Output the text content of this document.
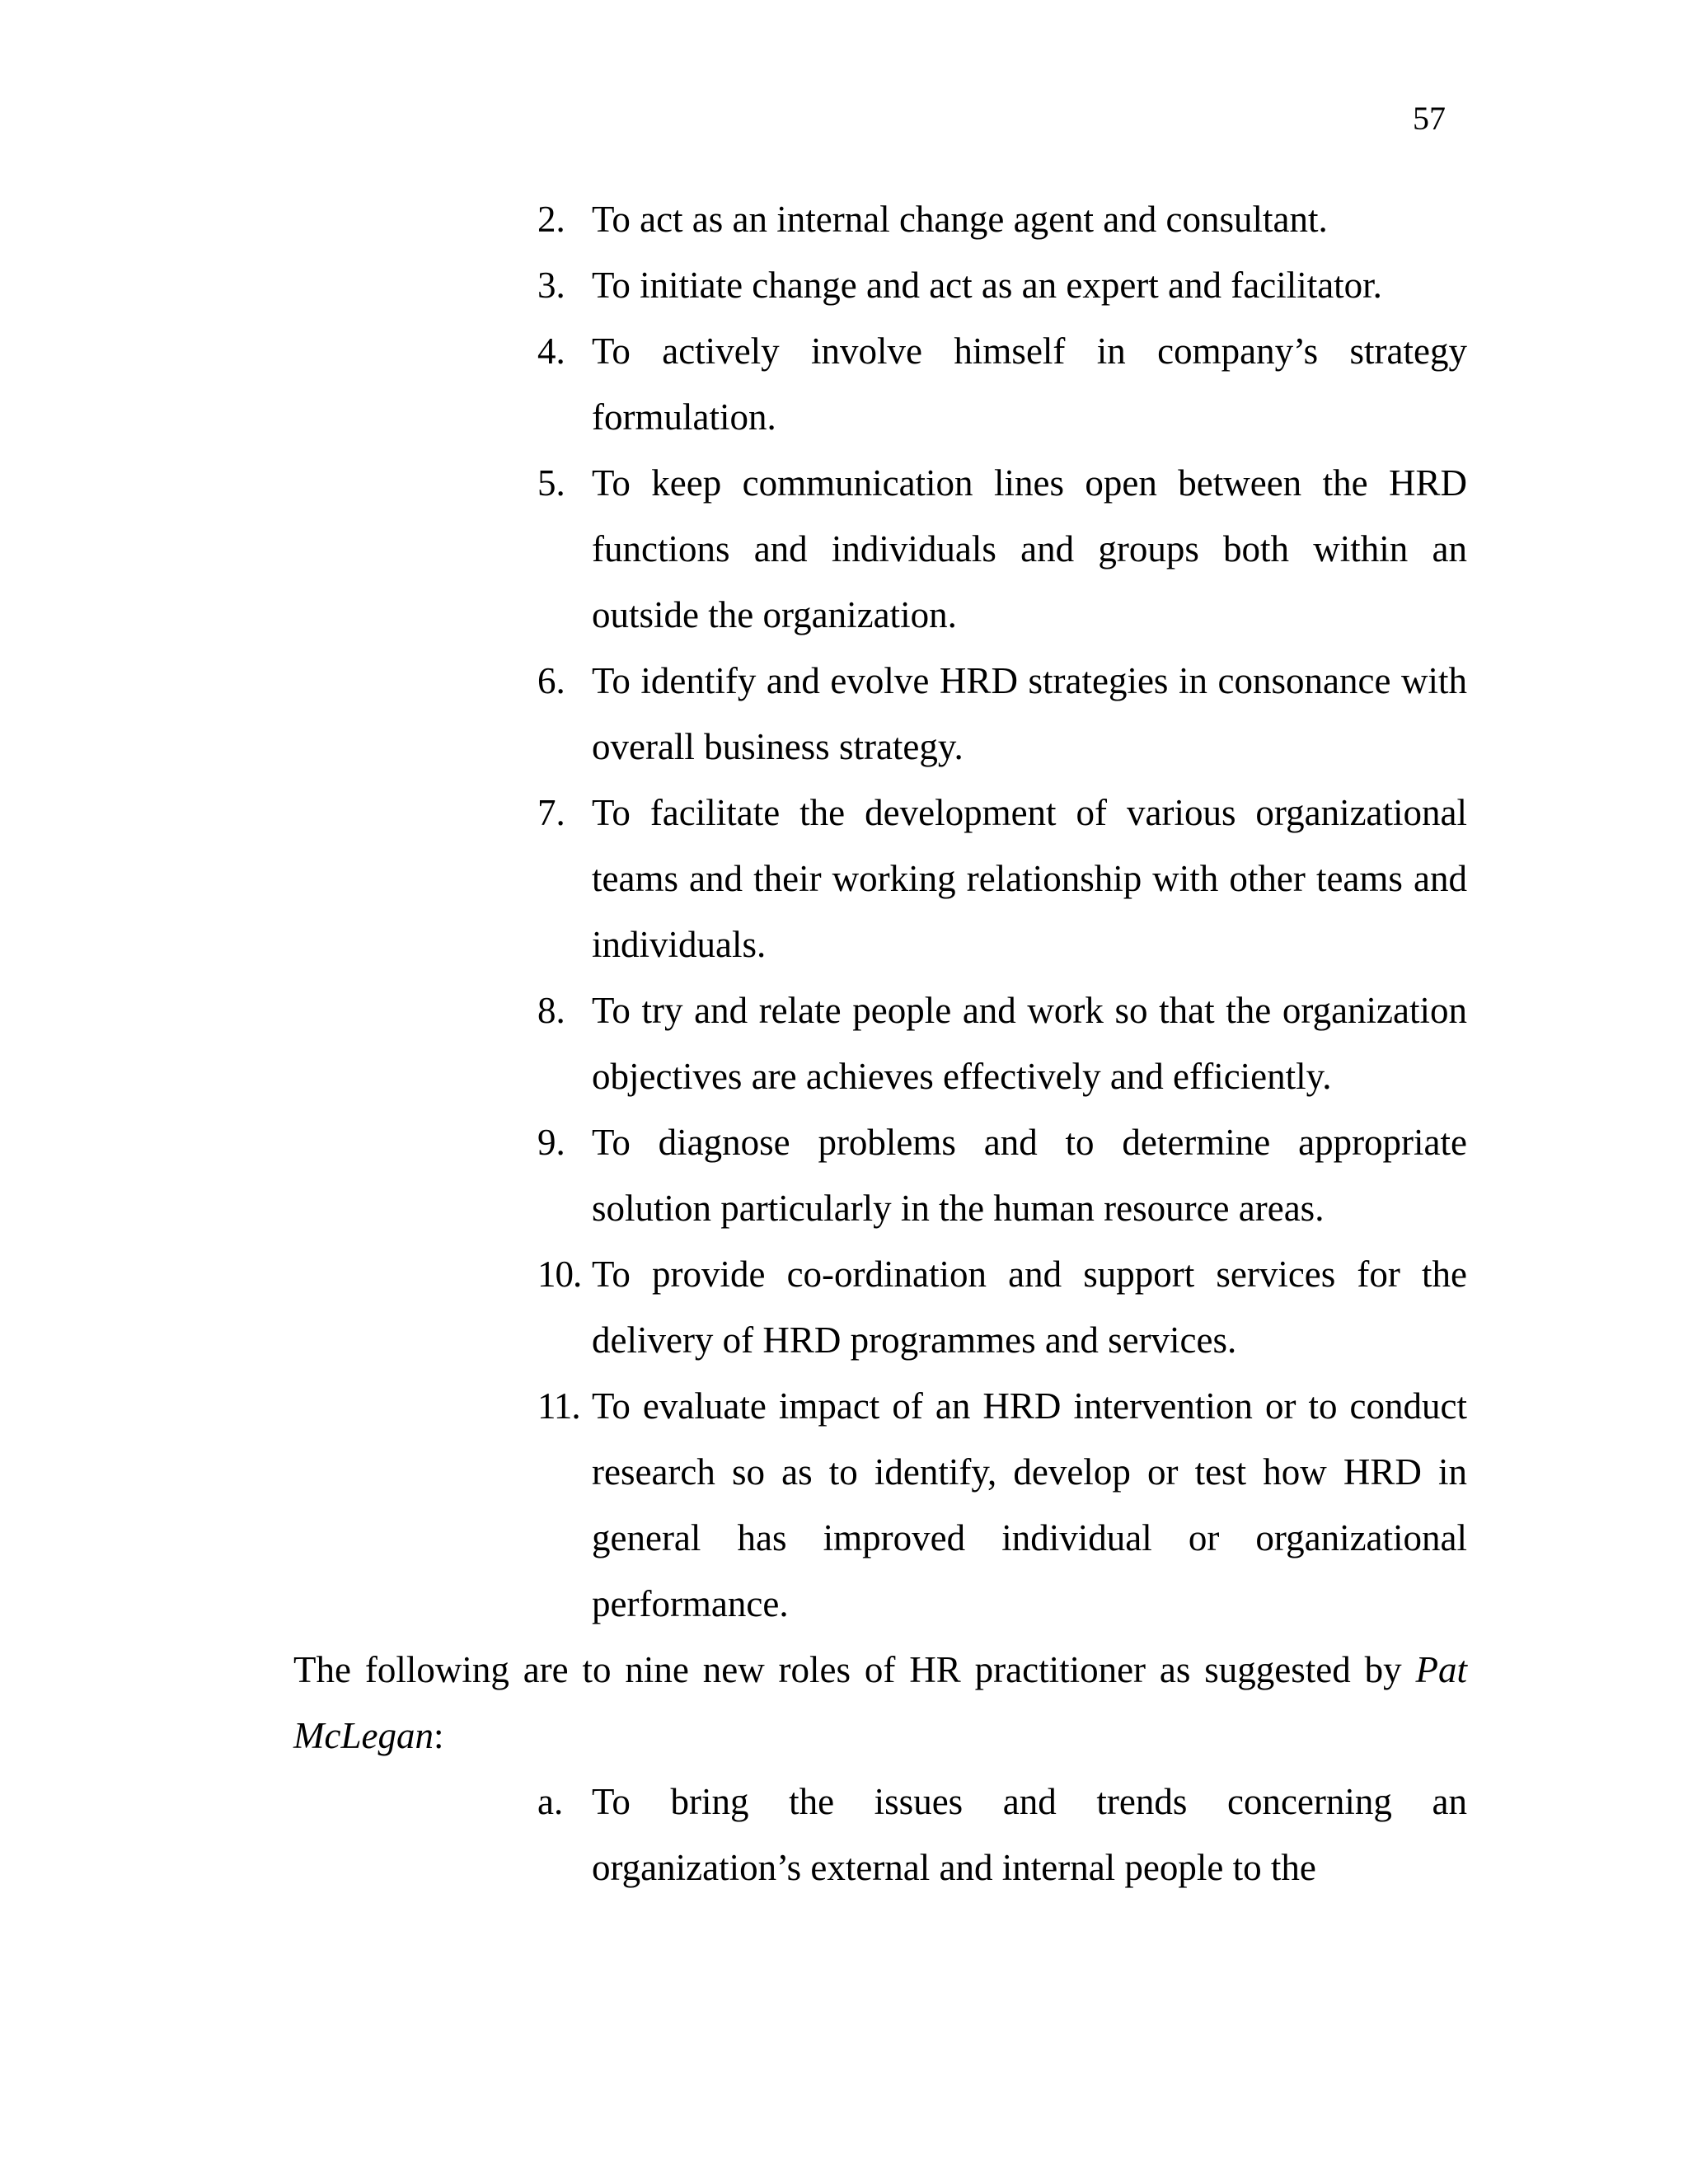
57
2. To act as an internal change agent and consultant.
3. To initiate change and act as an expert and facilitator.
4. To actively involve himself in company’s strategy formulation.
5. To keep communication lines open between the HRD functions and individuals and groups both within an outside the organization.
6. To identify and evolve HRD strategies in consonance with overall business strategy.
7. To facilitate the development of various organizational teams and their working relationship with other teams and individuals.
8. To try and relate people and work so that the organization objectives are achieves effectively and efficiently.
9. To diagnose problems and to determine appropriate solution particularly in the human resource areas.
10. To provide co-ordination and support services for the delivery of HRD programmes and services.
11. To evaluate impact of an HRD intervention or to conduct research so as to identify, develop or test how HRD in general has improved individual or organizational performance.

The following are to nine new roles of HR practitioner as suggested by Pat McLegan:

a. To bring the issues and trends concerning an organization’s external and internal people to the
